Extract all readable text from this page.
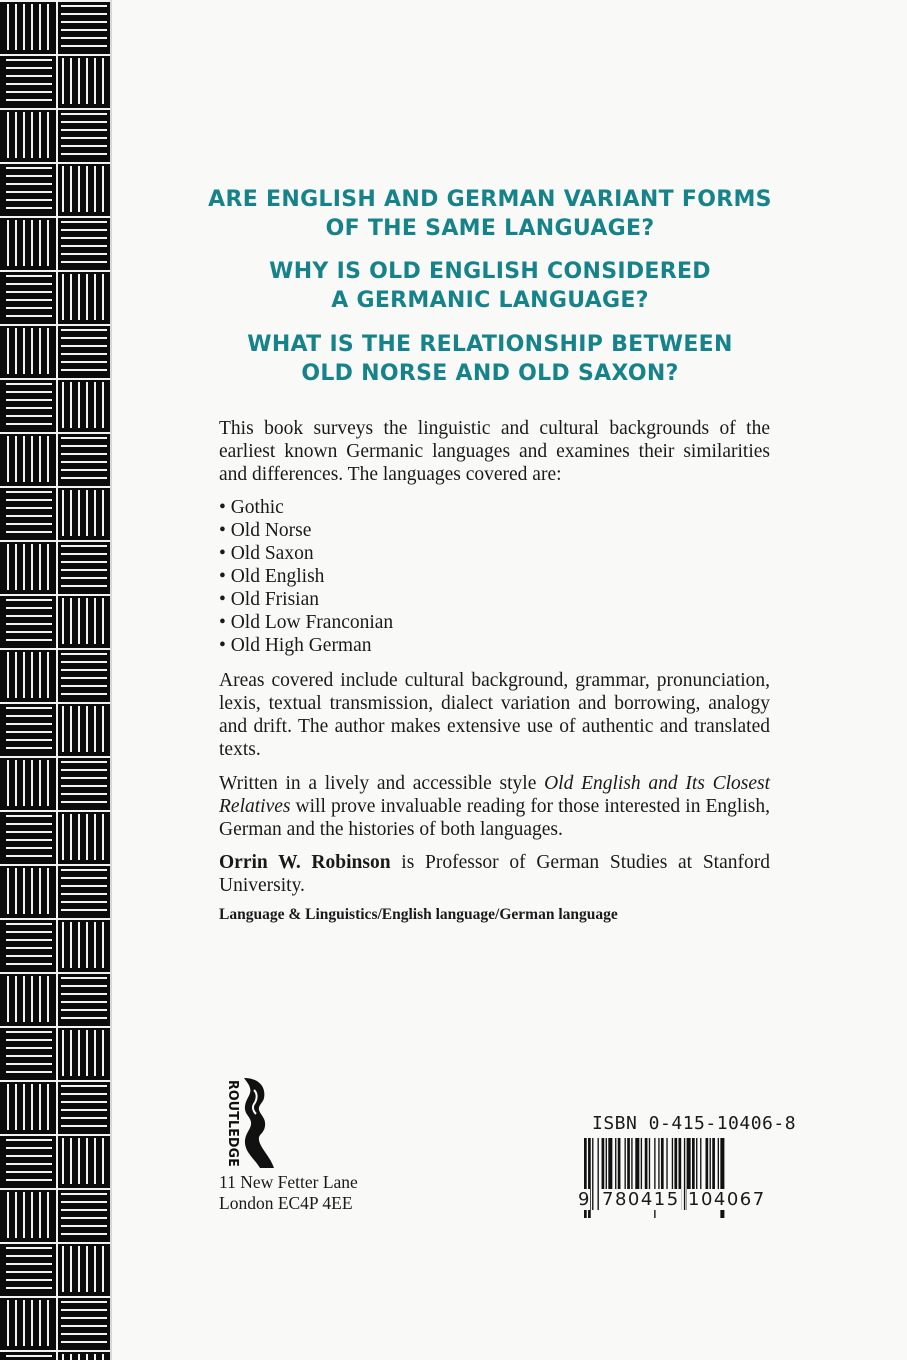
ARE ENGLISH AND GERMAN VARIANT FORMS
OF THE SAME LANGUAGE?
WHY IS OLD ENGLISH CONSIDERED
A GERMANIC LANGUAGE?
WHAT IS THE RELATIONSHIP BETWEEN
OLD NORSE AND OLD SAXON?

This book surveys the linguistic and cultural backgrounds of the earliest known Germanic languages and examines their similarities and differences. The languages covered are:

• Gothic
• Old Norse
• Old Saxon
• Old English
• Old Frisian
• Old Low Franconian
• Old High German

Areas covered include cultural background, grammar, pronunciation, lexis, textual transmission, dialect variation and borrowing, analogy and drift. The author makes extensive use of authentic and translated texts.

Written in a lively and accessible style Old English and Its Closest Relatives will prove invaluable reading for those interested in English, German and the histories of both languages.

Orrin W. Robinson is Professor of German Studies at Stanford University.

Language & Linguistics/English language/German language
ROUTLEDGE
11 New Fetter Lane
London EC4P 4EE
ISBN 0-415-10406-8
9 780415 104067
